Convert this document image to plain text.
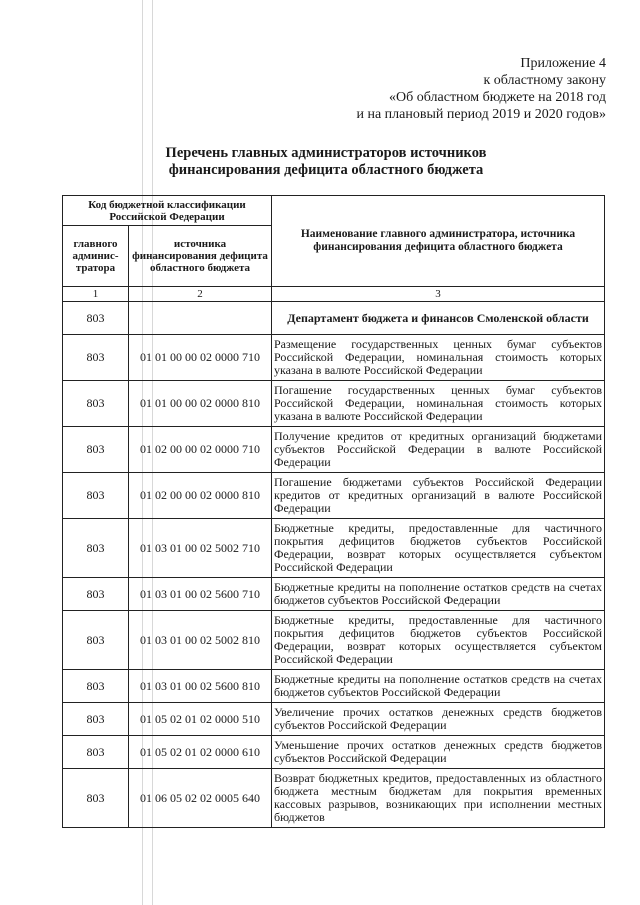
Приложение 4
к областному закону
«Об областном бюджете на 2018 год
и на плановый период 2019 и 2020 годов»
Перечень главных администраторов источников
финансирования дефицита областного бюджета
Код бюджетной классификации Российской Федерации		Наименование главного администратора, источника финансирования дефицита областного бюджета
главного админис-тратора	источника финансирования дефицита областного бюджета	
1	2	3
803		Департамент бюджета и финансов Смоленской области
803	01 01 00 00 02 0000 710	Размещение государственных ценных бумаг субъектов Российской Федерации, номинальная стоимость которых указана в валюте Российской Федерации
803	01 01 00 00 02 0000 810	Погашение государственных ценных бумаг субъектов Российской Федерации, номинальная стоимость которых указана в валюте Российской Федерации
803	01 02 00 00 02 0000 710	Получение кредитов от кредитных организаций бюджетами субъектов Российской Федерации в валюте Российской Федерации
803	01 02 00 00 02 0000 810	Погашение бюджетами субъектов Российской Федерации кредитов от кредитных организаций в валюте Российской Федерации
803	01 03 01 00 02 5002 710	Бюджетные кредиты, предоставленные для частичного покрытия дефицитов бюджетов субъектов Российской Федерации, возврат которых осуществляется субъектом Российской Федерации
803	01 03 01 00 02 5600 710	Бюджетные кредиты на пополнение остатков средств на счетах бюджетов субъектов Российской Федерации
803	01 03 01 00 02 5002 810	Бюджетные кредиты, предоставленные для частичного покрытия дефицитов бюджетов субъектов Российской Федерации, возврат которых осуществляется субъектом Российской Федерации
803	01 03 01 00 02 5600 810	Бюджетные кредиты на пополнение остатков средств на счетах бюджетов субъектов Российской Федерации
803	01 05 02 01 02 0000 510	Увеличение прочих остатков денежных средств бюджетов субъектов Российской Федерации
803	01 05 02 01 02 0000 610	Уменьшение прочих остатков денежных средств бюджетов субъектов Российской Федерации
803	01 06 05 02 02 0005 640	Возврат бюджетных кредитов, предоставленных из областного бюджета местным бюджетам для покрытия временных кассовых разрывов, возникающих при исполнении местных бюджетов
